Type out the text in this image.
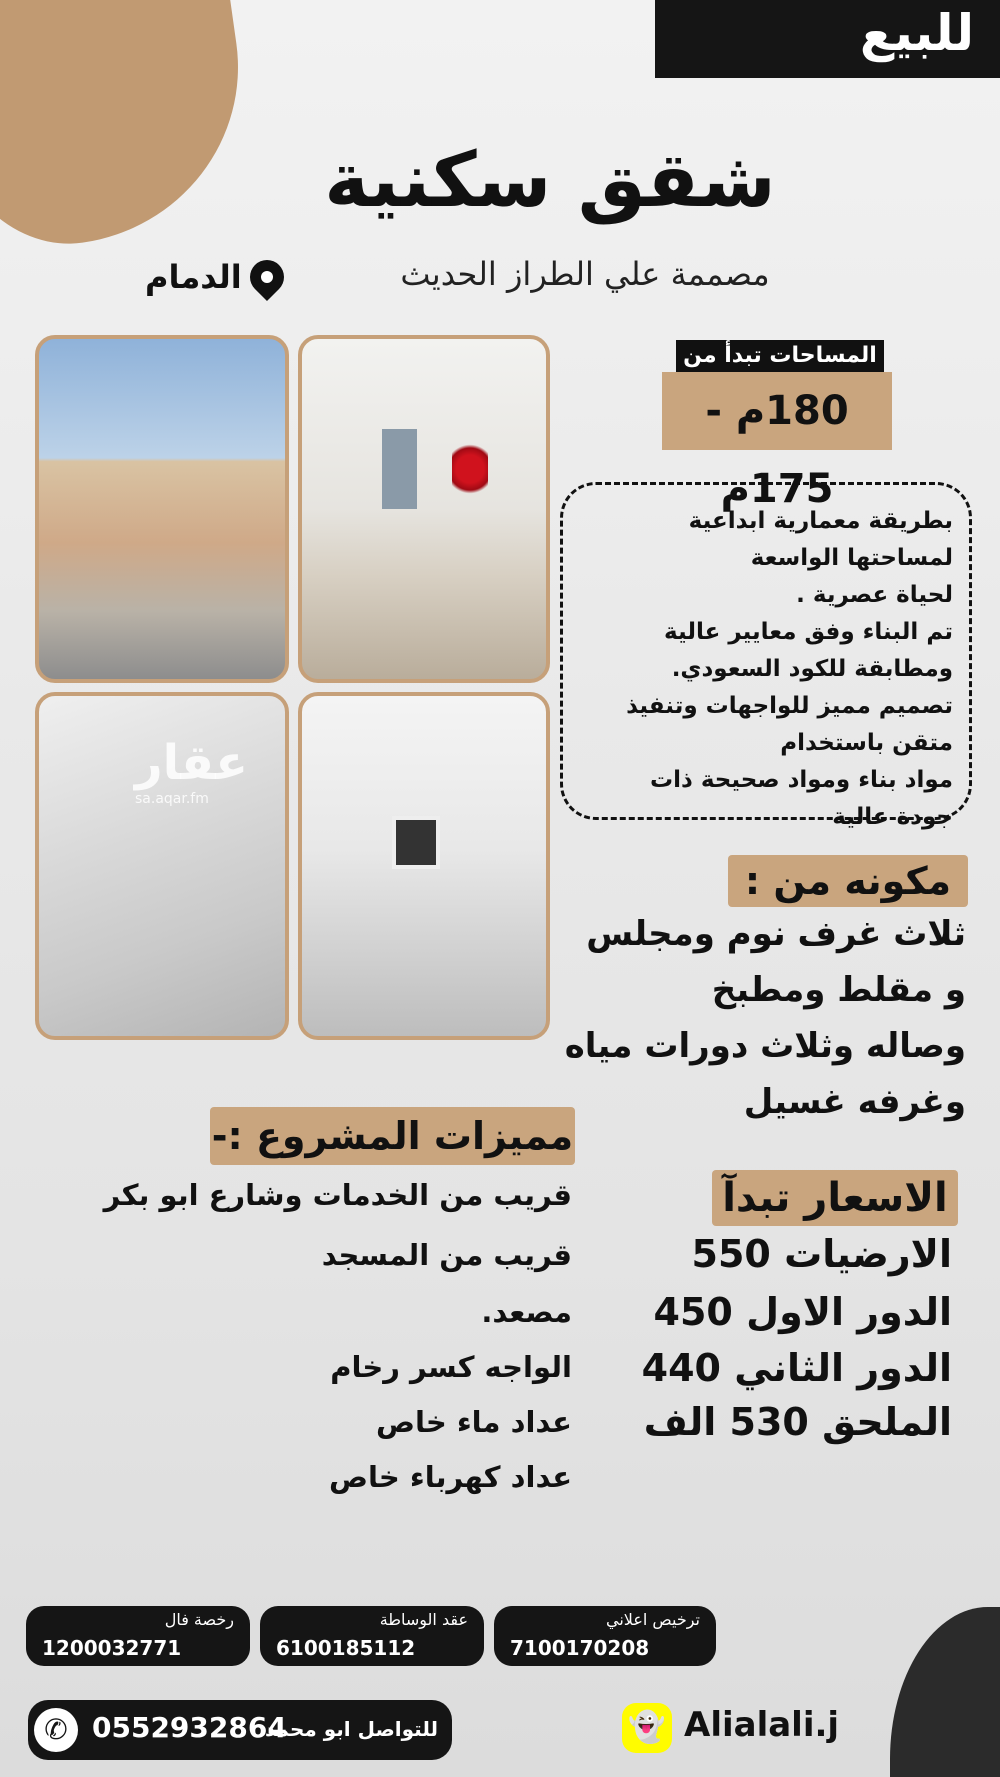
للبيع
شقق سكنية
مصممة علي الطراز الحديث
الدمام
عقار
sa.aqar.fm
المساحات تبدأ من
180م - 175م
بطريقة معمارية ابداعية
لمساحتها الواسعة
لحياة عصرية .
تم البناء وفق معايير عالية
ومطابقة للكود السعودي.
تصميم مميز للواجهات وتنفيذ
متقن باستخدام
مواد بناء ومواد صحيحة ذات
جودة عالية
مكونه من :
ثلاث غرف نوم ومجلس
و مقلط ومطبخ
وصاله وثلاث دورات مياه
وغرفه غسيل
مميزات المشروع :-
قريب من الخدمات وشارع ابو بكر
قريب من المسجد
مصعد.
الواجه كسر رخام
عداد ماء خاص
عداد كهرباء خاص
الاسعار تبدآ
الارضيات 550
الدور الاول 450
الدور الثاني 440
الملحق 530 الف
رخصة فال
1200032771
عقد الوساطة
6100185112
ترخيص اعلاني
7100170208
✆ 0552932864
للتواصل ابو محمد	👻 Alialali.j
